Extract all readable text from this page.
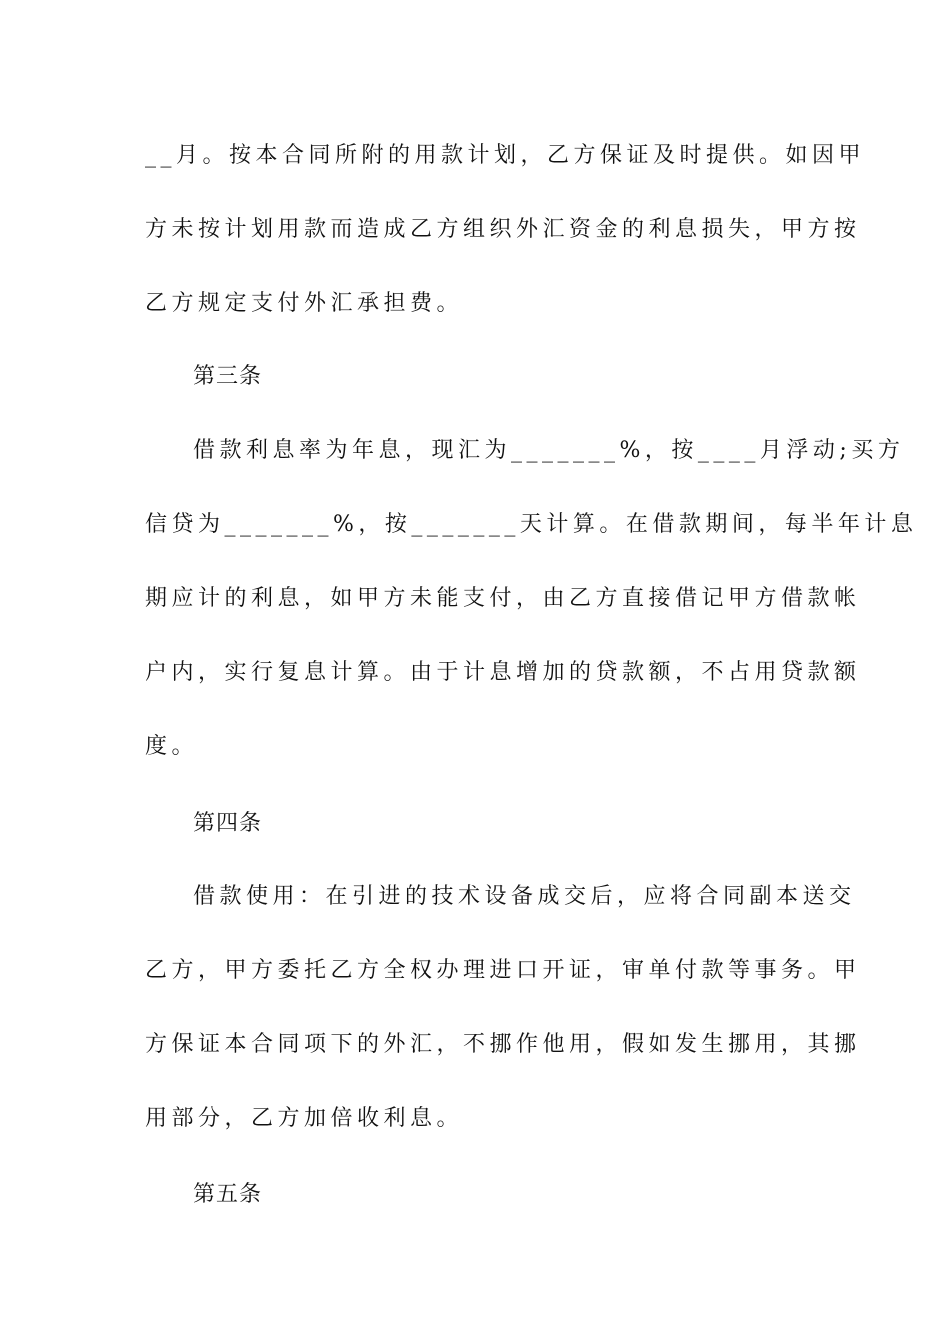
__月。按本合同所附的用款计划，乙方保证及时提供。如因甲
方未按计划用款而造成乙方组织外汇资金的利息损失，甲方按
乙方规定支付外汇承担费。
第三条
借款利息率为年息，现汇为_______%，按____月浮动;买方
信贷为_______%，按_______天计算。在借款期间，每半年计息
期应计的利息，如甲方未能支付，由乙方直接借记甲方借款帐
户内，实行复息计算。由于计息增加的贷款额，不占用贷款额
度。
第四条
借款使用：在引进的技术设备成交后，应将合同副本送交
乙方，甲方委托乙方全权办理进口开证，审单付款等事务。甲
方保证本合同项下的外汇，不挪作他用，假如发生挪用，其挪
用部分，乙方加倍收利息。
第五条
